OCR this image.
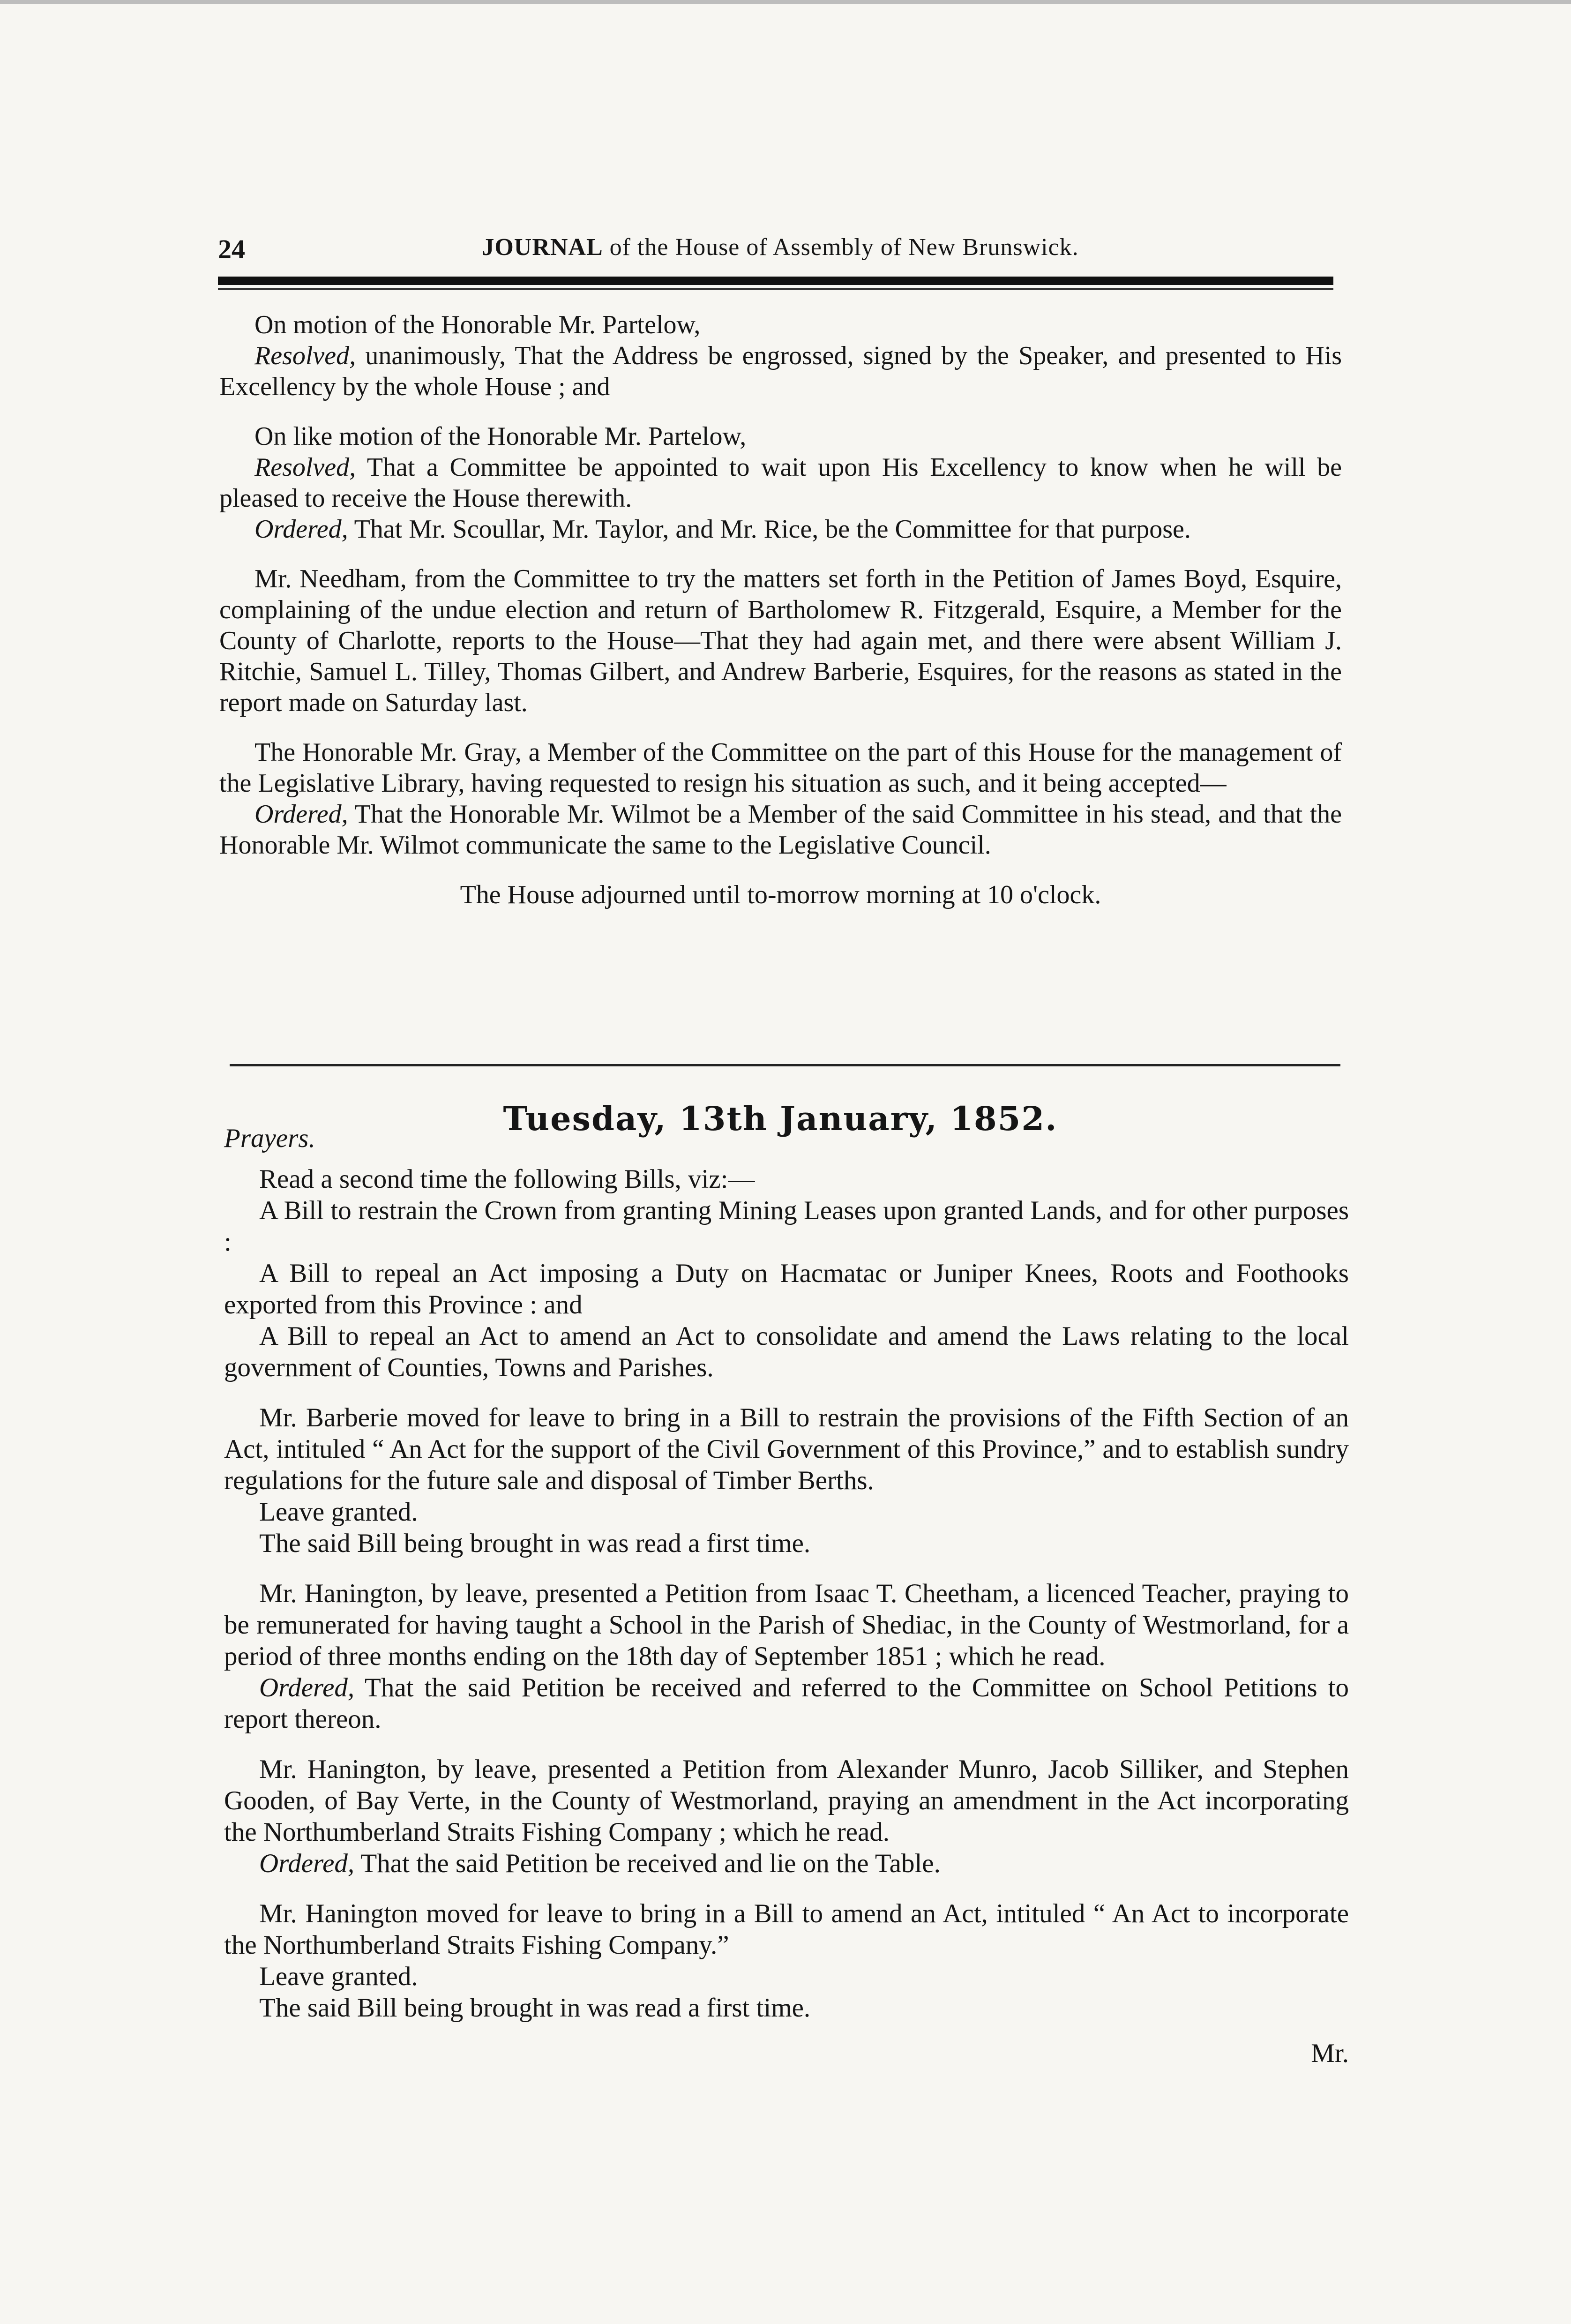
24	JOURNAL of the House of Assembly of New Brunswick.

On motion of the Honorable Mr. Partelow,

Resolved, unanimously, That the Address be engrossed, signed by the Speaker, and presented to His Excellency by the whole House ; and

On like motion of the Honorable Mr. Partelow,

Resolved, That a Committee be appointed to wait upon His Excellency to know when he will be pleased to receive the House therewith.

Ordered, That Mr. Scoullar, Mr. Taylor, and Mr. Rice, be the Committee for that purpose.

Mr. Needham, from the Committee to try the matters set forth in the Petition of James Boyd, Esquire, complaining of the undue election and return of Bartholomew R. Fitzgerald, Esquire, a Member for the County of Charlotte, reports to the House—That they had again met, and there were absent William J. Ritchie, Samuel L. Tilley, Thomas Gilbert, and Andrew Barberie, Esquires, for the reasons as stated in the report made on Saturday last.

The Honorable Mr. Gray, a Member of the Committee on the part of this House for the management of the Legislative Library, having requested to resign his situation as such, and it being accepted—

Ordered, That the Honorable Mr. Wilmot be a Member of the said Committee in his stead, and that the Honorable Mr. Wilmot communicate the same to the Legislative Council.

The House adjourned until to-morrow morning at 10 o'clock.

Tuesday, 13th January, 1852.

Prayers.

Read a second time the following Bills, viz:—

A Bill to restrain the Crown from granting Mining Leases upon granted Lands, and for other purposes :

A Bill to repeal an Act imposing a Duty on Hacmatac or Juniper Knees, Roots and Foothooks exported from this Province : and

A Bill to repeal an Act to amend an Act to consolidate and amend the Laws relating to the local government of Counties, Towns and Parishes.

Mr. Barberie moved for leave to bring in a Bill to restrain the provisions of the Fifth Section of an Act, intituled “ An Act for the support of the Civil Government of this Province,” and to establish sundry regulations for the future sale and disposal of Timber Berths.

Leave granted.

The said Bill being brought in was read a first time.

Mr. Hanington, by leave, presented a Petition from Isaac T. Cheetham, a licenced Teacher, praying to be remunerated for having taught a School in the Parish of Shediac, in the County of Westmorland, for a period of three months ending on the 18th day of September 1851 ; which he read.

Ordered, That the said Petition be received and referred to the Committee on School Petitions to report thereon.

Mr. Hanington, by leave, presented a Petition from Alexander Munro, Jacob Silliker, and Stephen Gooden, of Bay Verte, in the County of Westmorland, praying an amendment in the Act incorporating the Northumberland Straits Fishing Company ; which he read.

Ordered, That the said Petition be received and lie on the Table.

Mr. Hanington moved for leave to bring in a Bill to amend an Act, intituled “ An Act to incorporate the Northumberland Straits Fishing Company.”

Leave granted.

The said Bill being brought in was read a first time.

Mr.
